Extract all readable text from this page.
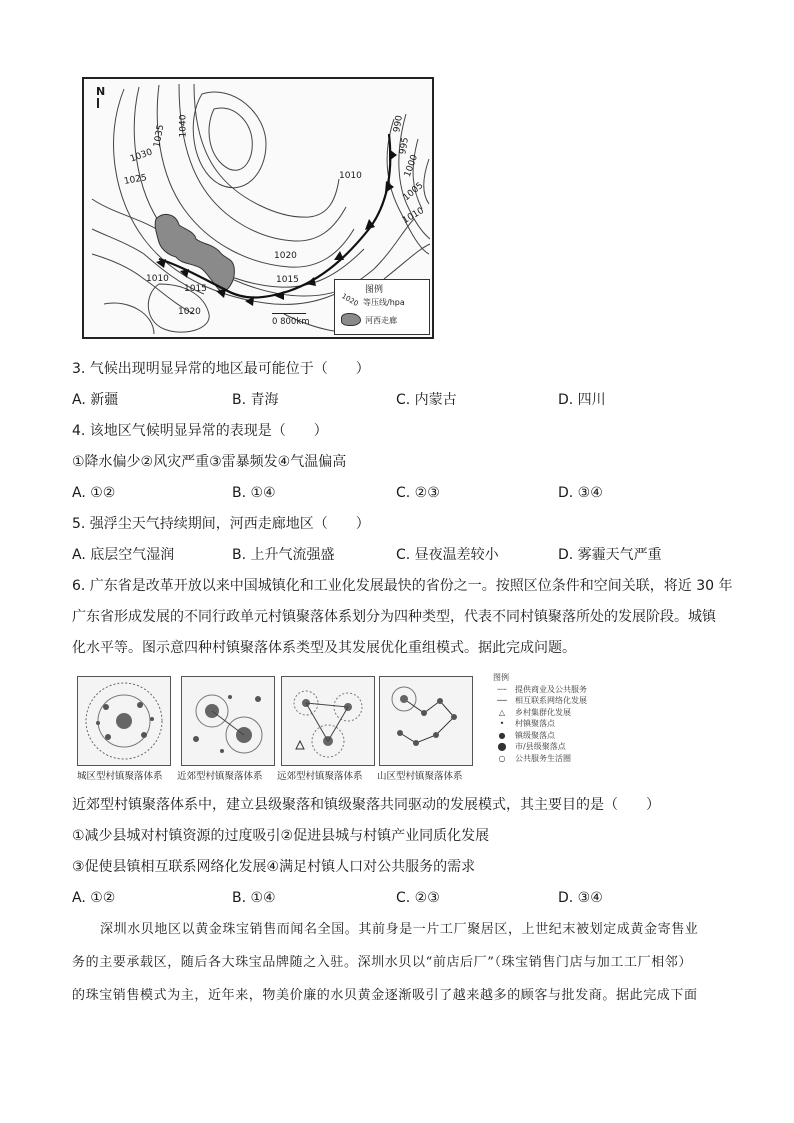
N
1040
1035
1030
1025
1020
1015
1010
1010
1015
1020
990
995
1000
1005
1010
0 800km
图例
1020 等压线/hpa
河西走廊
3. 气候出现明显异常的地区最可能位于（　　）
A. 新疆	B. 青海	C. 内蒙古	D. 四川
4. 该地区气候明显异常的表现是（　　）
①降水偏少②风灾严重③雷暴频发④气温偏高
A. ①②	B. ①④	C. ②③	D. ③④
5. 强浮尘天气持续期间，河西走廊地区（　　）
A. 底层空气湿润	B. 上升气流强盛	C. 昼夜温差较小	D. 雾霾天气严重
6. 广东省是改革开放以来中国城镇化和工业化发展最快的省份之一。按照区位条件和空间关联，将近 30 年
广东省形成发展的不同行政单元村镇聚落体系划分为四种类型，代表不同村镇聚落所处的发展阶段。城镇
化水平等。图示意四种村镇聚落体系类型及其发展优化重组模式。据此完成问题。
城区型村镇聚落体系 近郊型村镇聚落体系 远郊型村镇聚落体系 山区型村镇聚落体系
图例
┄┄	提供商业及公共服务
──	相互联系网络化发展
△	乡村集群化发展
•	村镇聚落点
●	镇级聚落点
⬤	市/县级聚落点
○	公共服务生活圈
近郊型村镇聚落体系中，建立县级聚落和镇级聚落共同驱动的发展模式，其主要目的是（　　）
①减少县城对村镇资源的过度吸引②促进县城与村镇产业同质化发展
③促使县镇相互联系网络化发展④满足村镇人口对公共服务的需求
A. ①②	B. ①④	C. ②③	D. ③④
深圳水贝地区以黄金珠宝销售而闻名全国。其前身是一片工厂聚居区，上世纪末被划定成黄金寄售业
务的主要承载区，随后各大珠宝品牌随之入驻。深圳水贝以“前店后厂”（珠宝销售门店与加工工厂相邻）
的珠宝销售模式为主，近年来，物美价廉的水贝黄金逐渐吸引了越来越多的顾客与批发商。据此完成下面
